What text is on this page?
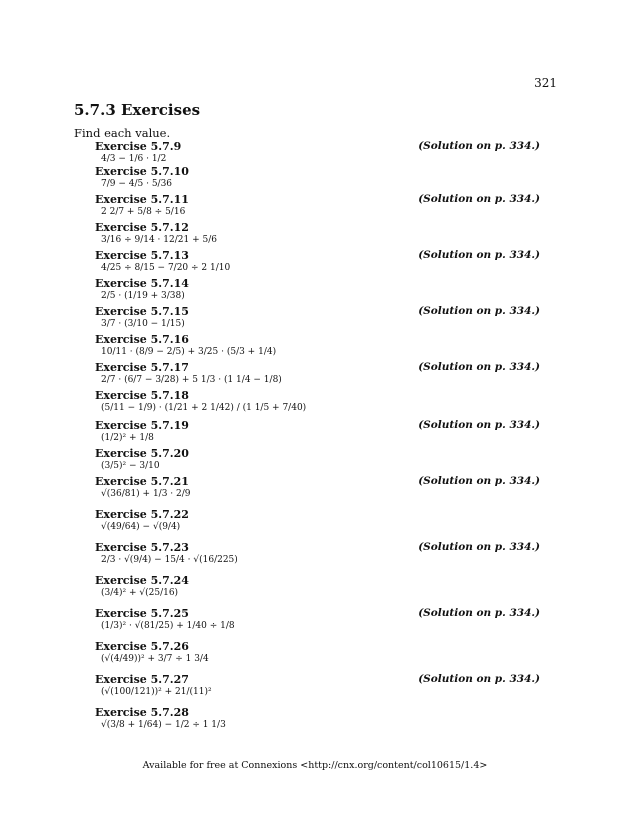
321
5.7.3 Exercises

Find each value.

Exercise 5.7.9	(Solution on p. 334.)
4/3 − 1/6 · 1/2
Exercise 5.7.10
7/9 − 4/5 · 5/36
Exercise 5.7.11	(Solution on p. 334.)
2 2/7 + 5/8 ÷ 5/16
Exercise 5.7.12
3/16 ÷ 9/14 · 12/21 + 5/6
Exercise 5.7.13	(Solution on p. 334.)
4/25 ÷ 8/15 − 7/20 ÷ 2 1/10
Exercise 5.7.14
2/5 · (1/19 + 3/38)
Exercise 5.7.15	(Solution on p. 334.)
3/7 · (3/10 − 1/15)
Exercise 5.7.16
10/11 · (8/9 − 2/5) + 3/25 · (5/3 + 1/4)
Exercise 5.7.17	(Solution on p. 334.)
2/7 · (6/7 − 3/28) + 5 1/3 · (1 1/4 − 1/8)
Exercise 5.7.18
(5/11 − 1/9) · (1/21 + 2 1/42) / (1 1/5 + 7/40)
Exercise 5.7.19	(Solution on p. 334.)
(1/2)² + 1/8
Exercise 5.7.20
(3/5)² − 3/10
Exercise 5.7.21	(Solution on p. 334.)
√(36/81) + 1/3 · 2/9
Exercise 5.7.22
√(49/64) − √(9/4)
Exercise 5.7.23	(Solution on p. 334.)
2/3 · √(9/4) − 15/4 · √(16/225)
Exercise 5.7.24
(3/4)² + √(25/16)
Exercise 5.7.25	(Solution on p. 334.)
(1/3)² · √(81/25) + 1/40 ÷ 1/8
Exercise 5.7.26
(√(4/49))² + 3/7 ÷ 1 3/4
Exercise 5.7.27	(Solution on p. 334.)
(√(100/121))² + 21/(11)²
Exercise 5.7.28
√(3/8 + 1/64) − 1/2 ÷ 1 1/3
Available for free at Connexions <http://cnx.org/content/col10615/1.4>
